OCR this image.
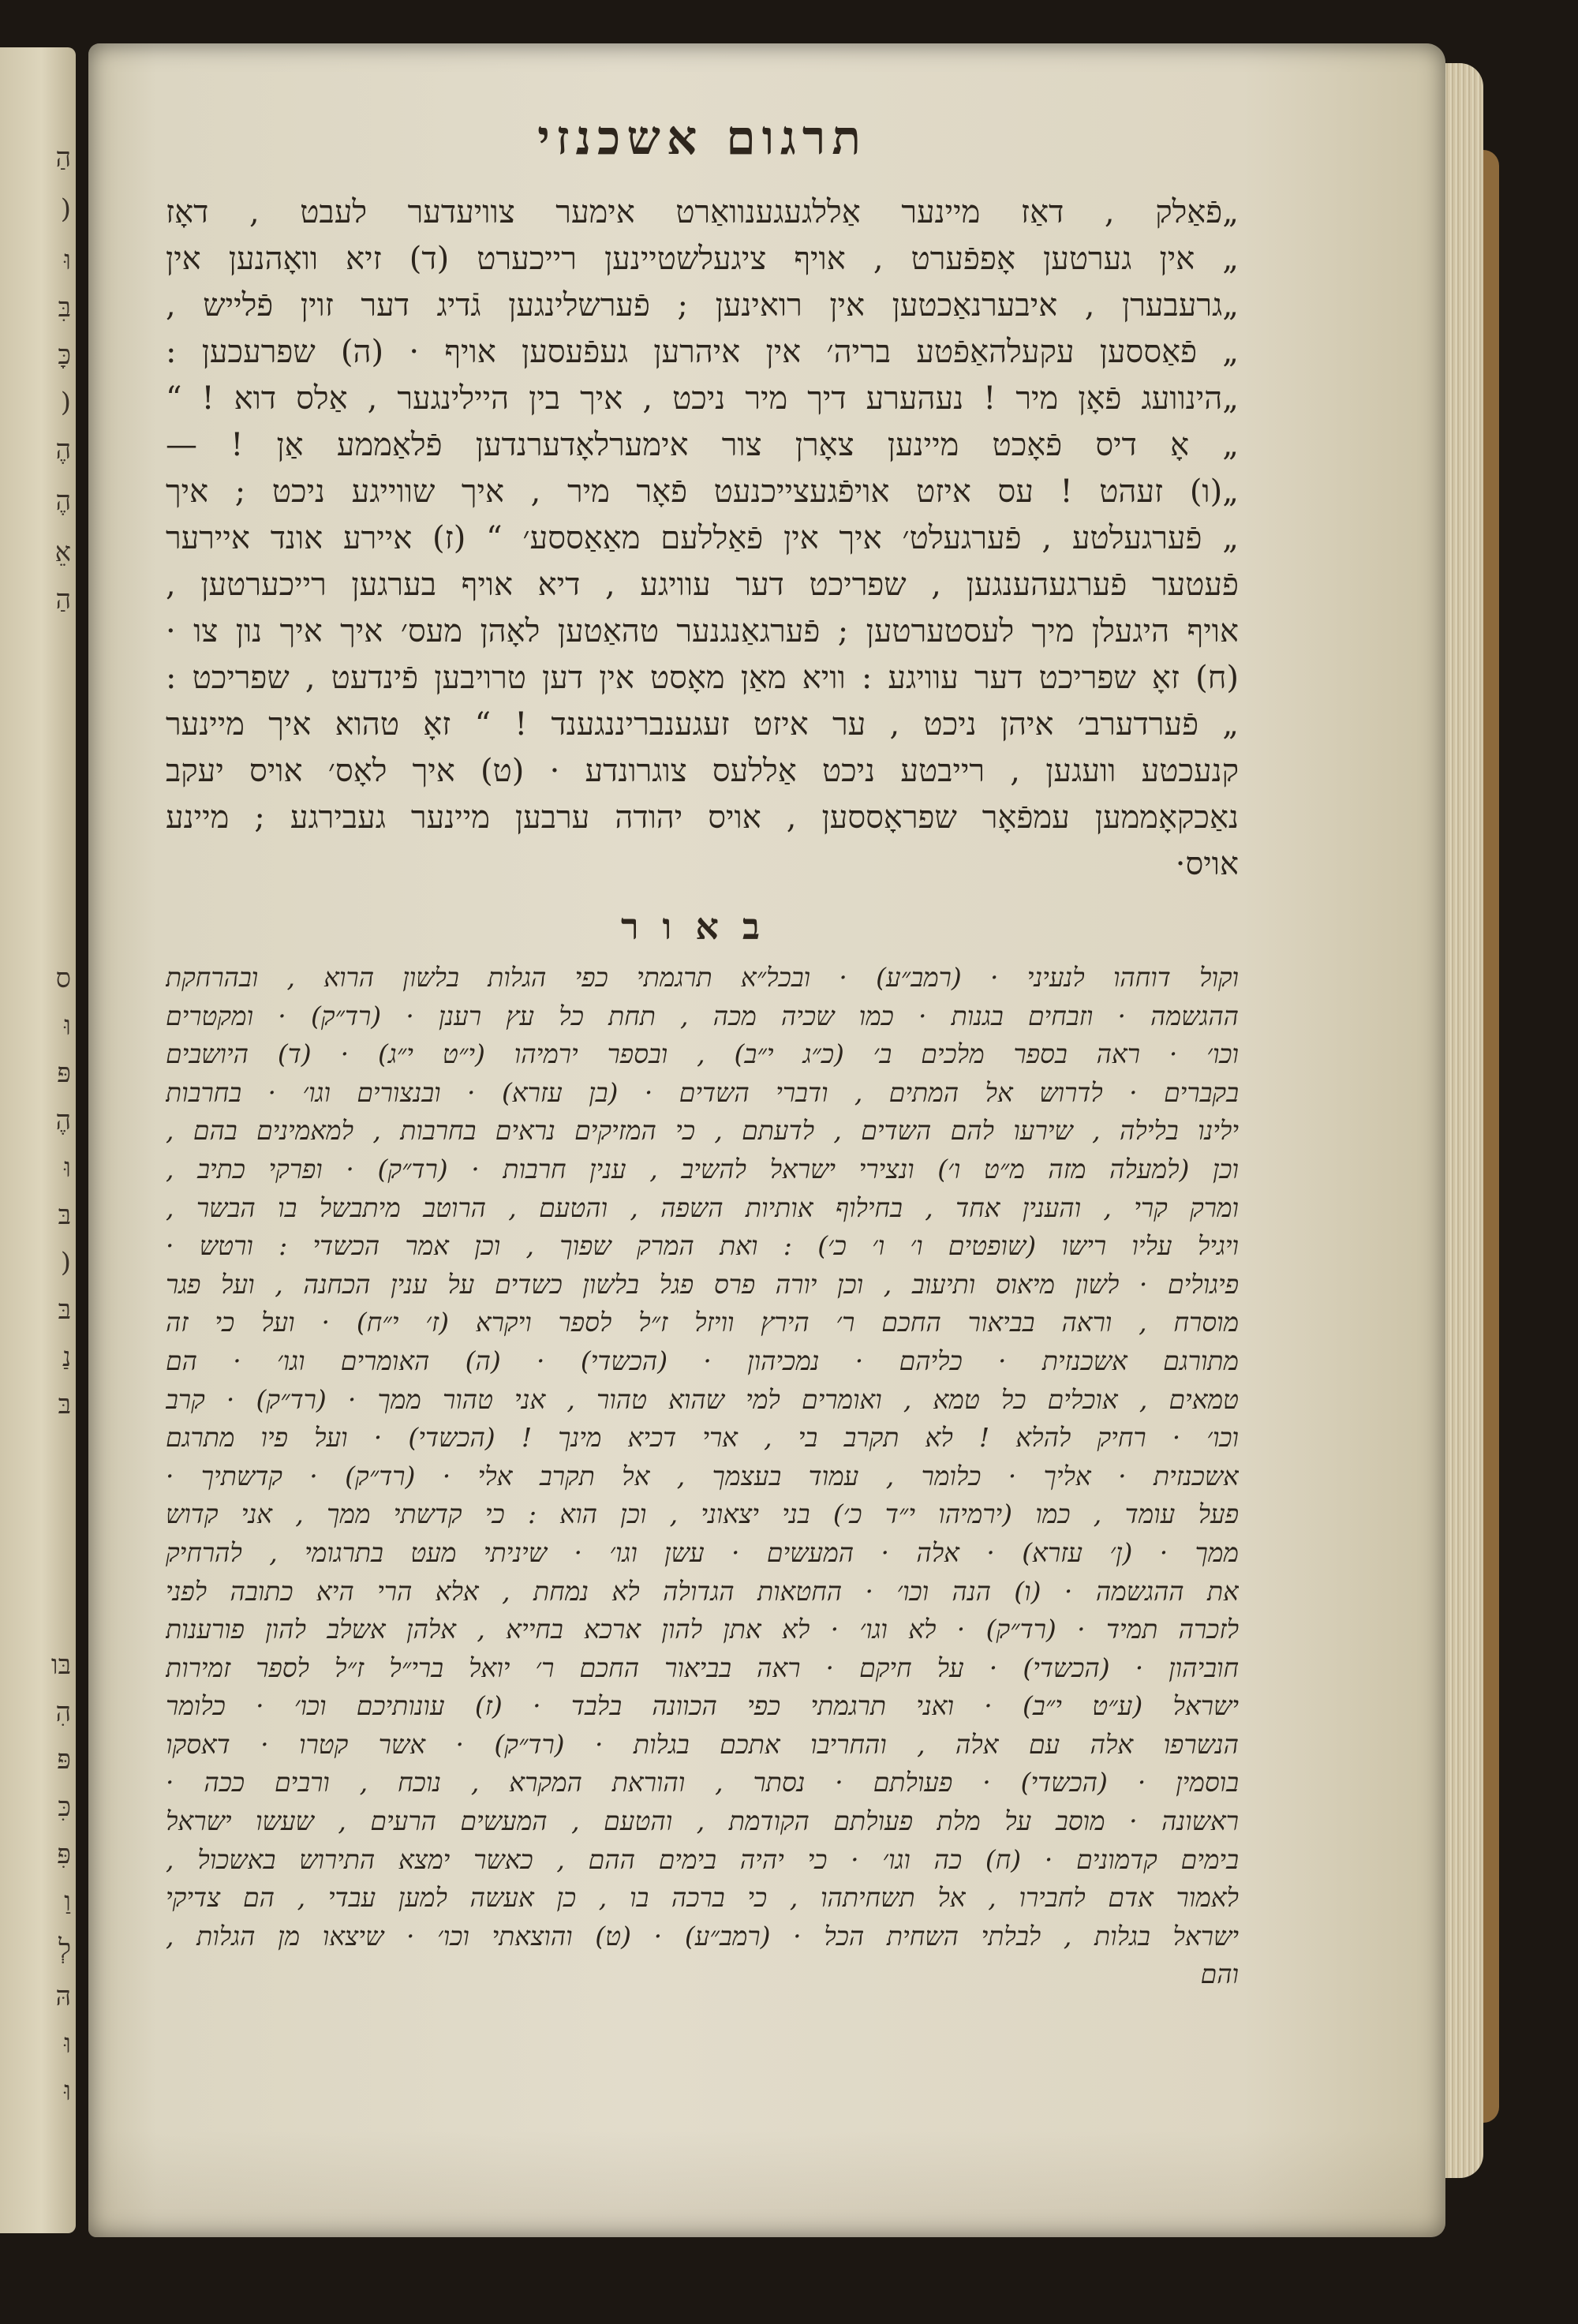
הַ
(
וּ
בִּ
כָּ
(
הֶ
הֶ
אֵ
הַ
ס
וּ
פּ
הֶ
וּ
בּ
(
בּ
נַ
בּ
בּו
הִ
פּ
כִּ
פִּ
וַ
לְ
הּ
וּ
וּ
תרגום אשכנזי
„פֿאַלק , דאַז מיינער אַללגעגענוואַרט אימער צוויעדער לעבט , דאָז
„ אין גערטען אָפפֿערט , אויף ציגעלשטיינען רייכערט (ד) זיא וואָהנען אין
„גרעבערן , איבערנאַכטען אין רואינען ; פֿערשלינגען גֿדיג דער זוין פֿלייש ,
„ פֿאַססען עקעלהאַפֿטע בריה׳ אין איהרען געפֿעסען אויף · (ה) שפרעכען :
„הינוועג פֿאָן מיר ! נעהערע דיך מיר ניכט , איך בין היילינגער , אַלס דוא ! “
„ אָ דיס פֿאָכט מיינען צאָרן צור אימערלאָדערנדען פֿלאַממע אַן ! —
„(ו) זעהט ! עס איזט אויפֿגעצייכנעט פֿאָר מיר , איך שווייגע ניכט ; איך
„ פֿערגעלטע , פֿערגעלט׳ איך אין פֿאַללעם מאַאַססע׳ “ (ז) איירע אונד איירער
פֿעטער פֿערגעהענגען , שפריכט דער עוויגע , דיא אויף בערגען רייכערטען ,
אויף היגעלן מיך לעסטערטען ; פֿערגאַנגנער טהאַטען לאָהן מעס׳ איך איך נון צו ·
(ח) זאָ שפריכט דער עוויגע : וויא מאַן מאָסט אין דען טרויבען פֿינדעט , שפריכט :
„ פֿערדערב׳ איהן ניכט , ער איזט זעגענבריננגענד ! “ זאָ טהוא איך מיינער
קנעכטע וועגען , רייבטע ניכט אַללעס צוגרונדע · (ט) איך לאָס׳ אויס יעקב
נאַכקאָממען עמפֿאָר שפראָססען , אויס יהודה ערבען מיינער געבירגע ; מיינע
אויס·
באור
וקול דוחהו לנעיני · (רמב״ע) · ובכל״א תרגמתי כפי הגלות בלשון הרוא , ובהרחקת
ההגשמה · וזבחים בגנות · כמו שכיה מכה , תחת כל עץ רענן · (רד״ק) · ומקטרים
וכו׳ · ראה בספר מלכים ב׳ (כ״ג י״ב) , ובספר ירמיהו (י״ט י״ג) · (ד) היושבים
בקברים · לדרוש אל המתים , ודברי השדים · (בן עזרא) · ובנצורים וגו׳ · בחרבות
ילינו בלילה , שירעו להם השדים , לדעתם , כי המזיקים נראים בחרבות , למאמינים בהם ,
וכן (למעלה מזה מ״ט ו׳) ונצירי ישראל להשיב , ענין חרבות · (רד״ק) · ופרקי כתיב ,
ומרק קרי , והענין אחד , בחילוף אותיות השפה , והטעם , הרוטב מיתבשל בו הבשר ,
ויגיל עליו רישו (שופטים ו׳ ו׳ כ׳) : ואת המרק שפוך , וכן אמר הכשדי : ורטש ·
פיגולים · לשון מיאוס ותיעוב , וכן יורה פרס פגל בלשון כשדים על ענין הכחנה , ועל פגר
מוסרח , וראה בביאור החכם ר׳ הירץ וויזל ז״ל לספר ויקרא (ז׳ י״ח) · ועל כי זה
מתורגם אשכנזית · כליהם · נמכיהון · (הכשדי) · (ה) האומרים וגו׳ · הם
טמאים , אוכלים כל טמא , ואומרים למי שהוא טהור , אני טהור ממך · (רד״ק) · קרב
וכו׳ · רחיק להלא ! לא תקרב בי , ארי דכיא מינך ! (הכשדי) · ועל פיו מתרגם
אשכנזית · אליך · כלומר , עמוד בעצמך , אל תקרב אלי · (רד״ק) · קדשתיך ·
פעל עומד , כמו (ירמיהו י״ד כ׳) בני יצאוני , וכן הוא : כי קדשתי ממך , אני קדוש
ממך · (ן׳ עזרא) · אלה · המעשים · עשן וגו׳ · שיניתי מעט בתרגומי , להרחיק
את ההגשמה · (ו) הנה וכו׳ · החטאות הגדולה לא נמחת , אלא הרי היא כתובה לפני
לזכרה תמיד · (רד״ק) · לא וגו׳ · לא אתן להון ארכא בחייא , אלהן אשלב להון פורענות
חוביהון · (הכשדי) · על חיקם · ראה בביאור החכם ר׳ יואל ברי״ל ז״ל לספר זמירות
ישראל (ע״ט י״ב) · ואני תרגמתי כפי הכוונה בלבד · (ז) עונותיכם וכו׳ · כלומר
הנשרפו אלה עם אלה , והחריבו אתכם בגלות · (רד״ק) · אשר קטרו · דאסקו
בוסמין · (הכשדי) · פעולתם · נסתר , והוראת המקרא , נוכח , ורבים ככה ·
ראשונה · מוסב על מלת פעולתם הקודמת , והטעם , המעשים הרעים , שעשו ישראל
בימים קדמונים · (ח) כה וגו׳ · כי יהיה בימים ההם , כאשר ימצא התירוש באשכול ,
לאמור אדם לחבירו , אל תשחיתהו , כי ברכה בו , כן אעשה למען עבדי , הם צדיקי
ישראל בגלות , לבלתי השחית הכל · (רמב״ע) · (ט) והוצאתי וכו׳ · שיצאו מן הגלות ,
והם
